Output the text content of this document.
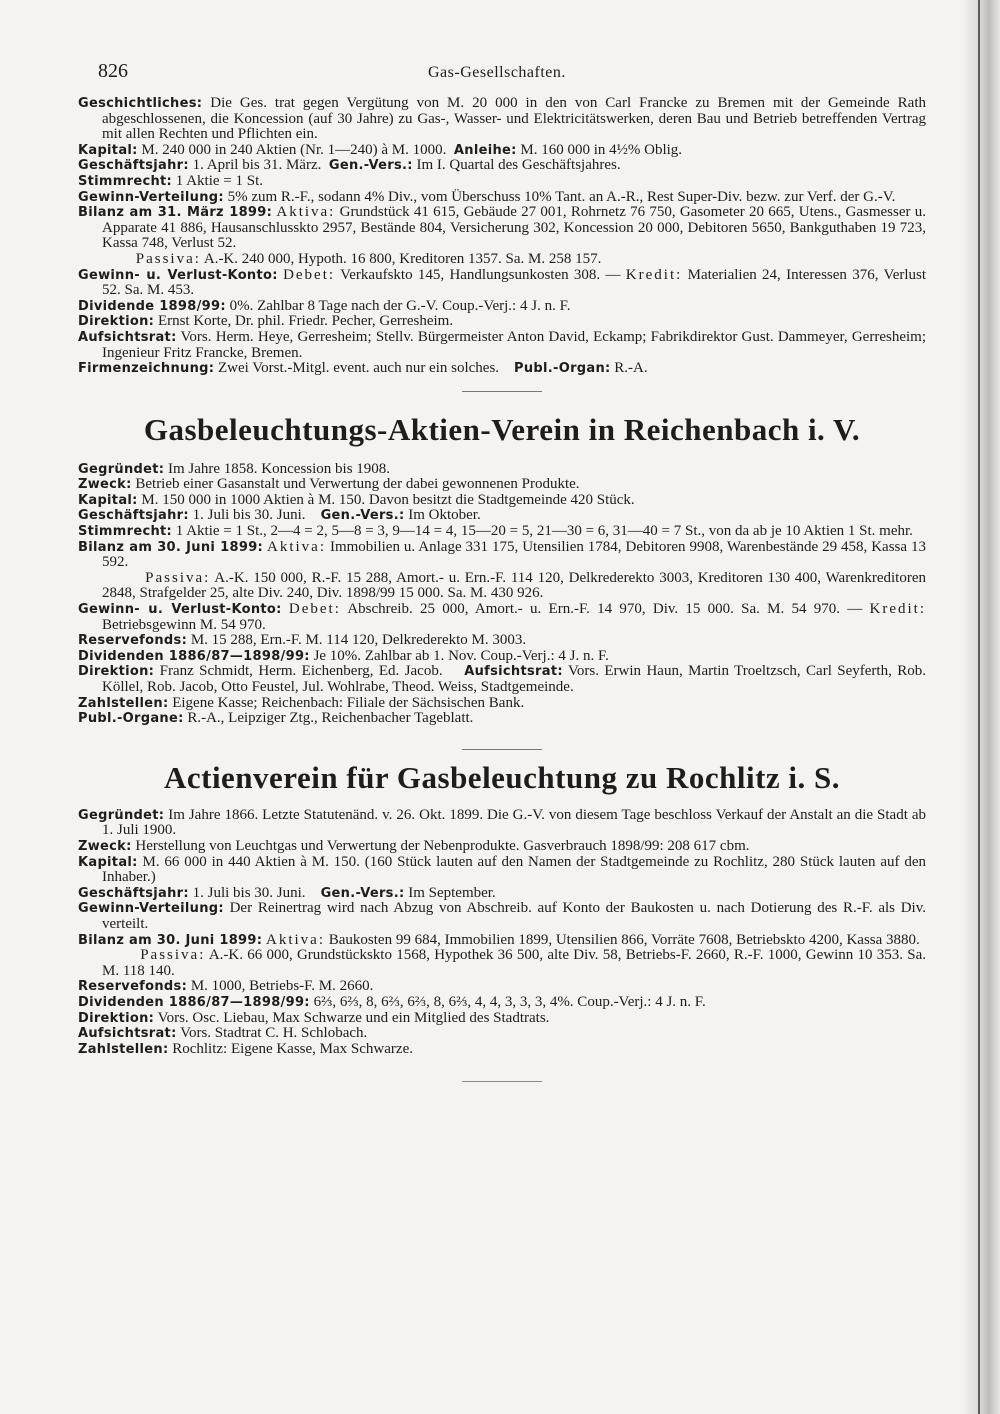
826	Gas-Gesellschaften.

Geschichtliches: Die Ges. trat gegen Vergütung von M. 20 000 in den von Carl Francke zu Bremen mit der Gemeinde Rath abgeschlossenen, die Koncession (auf 30 Jahre) zu Gas-, Wasser- und Elektricitätswerken, deren Bau und Betrieb betreffenden Vertrag mit allen Rechten und Pflichten ein.

Kapital: M. 240 000 in 240 Aktien (Nr. 1—240) à M. 1000. Anleihe: M. 160 000 in 4½% Oblig.

Geschäftsjahr: 1. April bis 31. März. Gen.-Vers.: Im I. Quartal des Geschäftsjahres.

Stimmrecht: 1 Aktie = 1 St.

Gewinn-Verteilung: 5% zum R.-F., sodann 4% Div., vom Überschuss 10% Tant. an A.-R., Rest Super-Div. bezw. zur Verf. der G.-V.

Bilanz am 31. März 1899: Aktiva: Grundstück 41 615, Gebäude 27 001, Rohrnetz 76 750, Gasometer 20 665, Utens., Gasmesser u. Apparate 41 886, Hausanschlusskto 2957, Bestände 804, Versicherung 302, Koncession 20 000, Debitoren 5650, Bankguthaben 19 723, Kassa 748, Verlust 52.
Passiva: A.-K. 240 000, Hypoth. 16 800, Kreditoren 1357. Sa. M. 258 157.

Gewinn- u. Verlust-Konto: Debet: Verkaufskto 145, Handlungsunkosten 308. — Kredit: Materialien 24, Interessen 376, Verlust 52. Sa. M. 453.

Dividende 1898/99: 0%. Zahlbar 8 Tage nach der G.-V. Coup.-Verj.: 4 J. n. F.

Direktion: Ernst Korte, Dr. phil. Friedr. Pecher, Gerresheim.

Aufsichtsrat: Vors. Herm. Heye, Gerresheim; Stellv. Bürgermeister Anton David, Eckamp; Fabrikdirektor Gust. Dammeyer, Gerresheim; Ingenieur Fritz Francke, Bremen.

Firmenzeichnung: Zwei Vorst.-Mitgl. event. auch nur ein solches. Publ.-Organ: R.-A.

Gasbeleuchtungs-Aktien-Verein in Reichenbach i. V.

Gegründet: Im Jahre 1858. Koncession bis 1908.

Zweck: Betrieb einer Gasanstalt und Verwertung der dabei gewonnenen Produkte.

Kapital: M. 150 000 in 1000 Aktien à M. 150. Davon besitzt die Stadtgemeinde 420 Stück.

Geschäftsjahr: 1. Juli bis 30. Juni. Gen.-Vers.: Im Oktober.

Stimmrecht: 1 Aktie = 1 St., 2—4 = 2, 5—8 = 3, 9—14 = 4, 15—20 = 5, 21—30 = 6, 31—40 = 7 St., von da ab je 10 Aktien 1 St. mehr.

Bilanz am 30. Juni 1899: Aktiva: Immobilien u. Anlage 331 175, Utensilien 1784, Debitoren 9908, Warenbestände 29 458, Kassa 13 592.
Passiva: A.-K. 150 000, R.-F. 15 288, Amort.- u. Ern.-F. 114 120, Delkrederekto 3003, Kreditoren 130 400, Warenkreditoren 2848, Strafgelder 25, alte Div. 240, Div. 1898/99 15 000. Sa. M. 430 926.

Gewinn- u. Verlust-Konto: Debet: Abschreib. 25 000, Amort.- u. Ern.-F. 14 970, Div. 15 000. Sa. M. 54 970. — Kredit: Betriebsgewinn M. 54 970.

Reservefonds: M. 15 288, Ern.-F. M. 114 120, Delkrederekto M. 3003.

Dividenden 1886/87—1898/99: Je 10%. Zahlbar ab 1. Nov. Coup.-Verj.: 4 J. n. F.

Direktion: Franz Schmidt, Herm. Eichenberg, Ed. Jacob. Aufsichtsrat: Vors. Erwin Haun, Martin Troeltzsch, Carl Seyferth, Rob. Köllel, Rob. Jacob, Otto Feustel, Jul. Wohlrabe, Theod. Weiss, Stadtgemeinde.

Zahlstellen: Eigene Kasse; Reichenbach: Filiale der Sächsischen Bank.

Publ.-Organe: R.-A., Leipziger Ztg., Reichenbacher Tageblatt.

Actienverein für Gasbeleuchtung zu Rochlitz i. S.

Gegründet: Im Jahre 1866. Letzte Statutenänd. v. 26. Okt. 1899. Die G.-V. von diesem Tage beschloss Verkauf der Anstalt an die Stadt ab 1. Juli 1900.

Zweck: Herstellung von Leuchtgas und Verwertung der Nebenprodukte. Gasverbrauch 1898/99: 208 617 cbm.

Kapital: M. 66 000 in 440 Aktien à M. 150. (160 Stück lauten auf den Namen der Stadtgemeinde zu Rochlitz, 280 Stück lauten auf den Inhaber.)

Geschäftsjahr: 1. Juli bis 30. Juni. Gen.-Vers.: Im September.

Gewinn-Verteilung: Der Reinertrag wird nach Abzug von Abschreib. auf Konto der Baukosten u. nach Dotierung des R.-F. als Div. verteilt.

Bilanz am 30. Juni 1899: Aktiva: Baukosten 99 684, Immobilien 1899, Utensilien 866, Vorräte 7608, Betriebskto 4200, Kassa 3880.
Passiva: A.-K. 66 000, Grundstückskto 1568, Hypothek 36 500, alte Div. 58, Betriebs-F. 2660, R.-F. 1000, Gewinn 10 353. Sa. M. 118 140.

Reservefonds: M. 1000, Betriebs-F. M. 2660.

Dividenden 1886/87—1898/99: 6⅔, 6⅔, 8, 6⅔, 6⅔, 8, 6⅔, 4, 4, 3, 3, 3, 4%. Coup.-Verj.: 4 J. n. F.

Direktion: Vors. Osc. Liebau, Max Schwarze und ein Mitglied des Stadtrats.

Aufsichtsrat: Vors. Stadtrat C. H. Schlobach.

Zahlstellen: Rochlitz: Eigene Kasse, Max Schwarze.
